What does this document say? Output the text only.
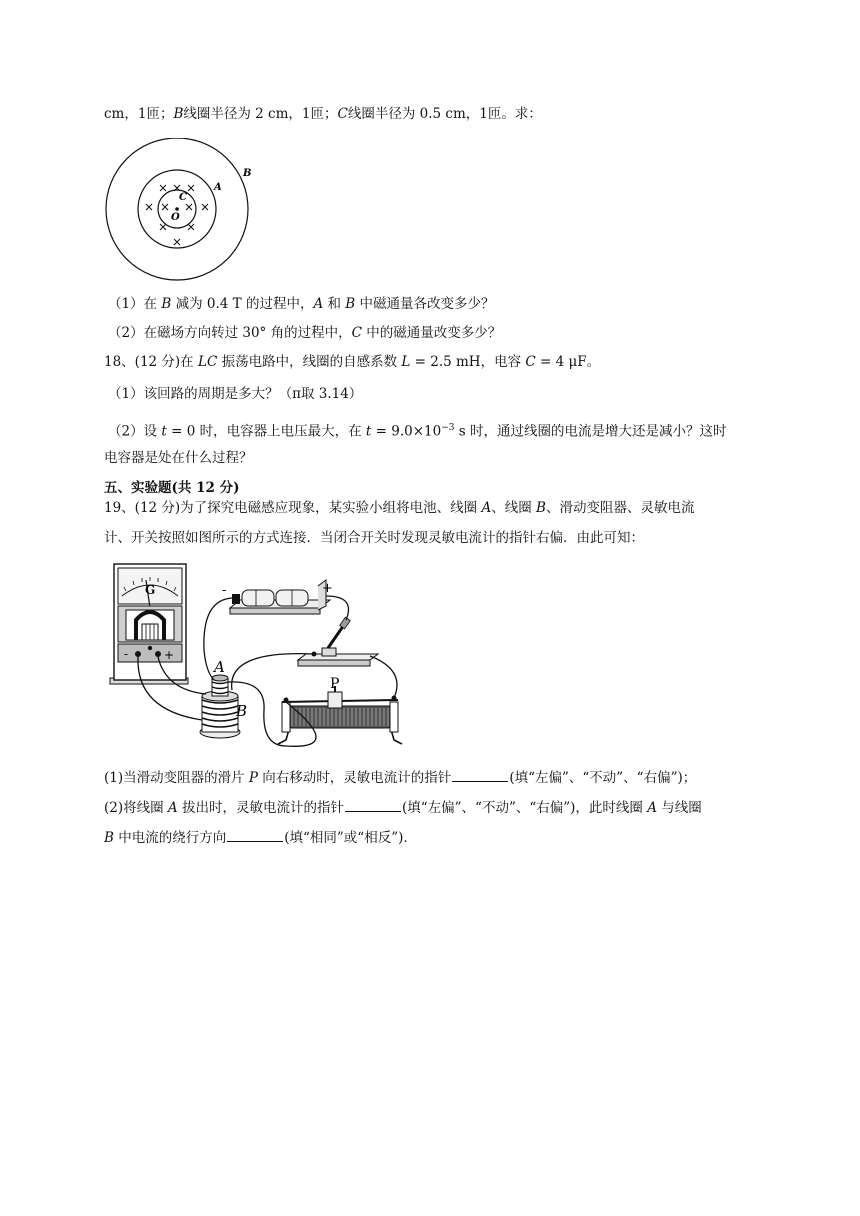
cm，1匝；B线圈半径为 2 cm，1匝；C线圈半径为 0.5 cm，1匝。求：
B
A
C
O
（1）在 B 减为 0.4 T 的过程中，A 和 B 中磁通量各改变多少？
（2）在磁场方向转过 30° 角的过程中，C 中的磁通量改变多少？
18、(12 分)在 LC 振荡电路中，线圈的自感系数 L = 2.5 mH，电容 C = 4 μF。
（1）该回路的周期是多大？（π取 3.14）
（2）设 t = 0 时，电容器上电压最大，在 $t = 9.0\times 10^{-3}$ s 时，通过线圈的电流是增大还是减小？这时
电容器是处在什么过程？
五、实验题(共 12 分)
19、(12 分)为了探究电磁感应现象，某实验小组将电池、线圈 A、线圈 B、滑动变阻器、灵敏电流
计、开关按照如图所示的方式连接．当闭合开关时发现灵敏电流计的指针右偏．由此可知：
G
-	+
-	+
A
B
P
(1)当滑动变阻器的滑片 P 向右移动时，灵敏电流计的指针	(填“左偏”、“不动”、“右偏”)；
(2)将线圈 A 拔出时，灵敏电流计的指针	(填“左偏”、“不动”、“右偏”)，此时线圈 A 与线圈
B 中电流的绕行方向	(填“相同”或“相反”)．
